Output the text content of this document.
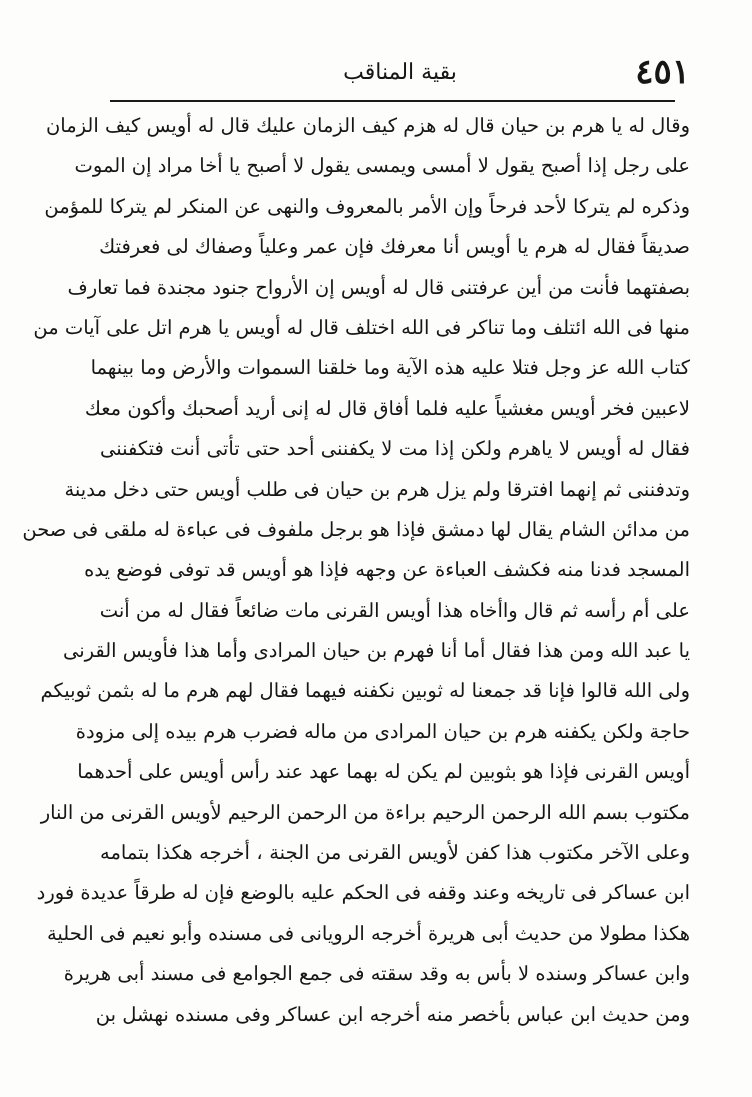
٤٥١
بقية المناقب
وقال له يا هرم بن حيان قال له هزم كيف الزمان عليك قال له أويس كيف الزمان
على رجل إذا أصبح يقول لا أمسى ويمسى يقول لا أصبح يا أخا مراد إن الموت
وذكره لم يتركا لأحد فرحاً وإن الأمر بالمعروف والنهى عن المنكر لم يتركا للمؤمن
صديقاً فقال له هرم يا أويس أنا معرفك فإن عمر وعلياً وصفاك لى فعرفتك
بصفتهما فأنت من أين عرفتنى قال له أويس إن الأرواح جنود مجندة فما تعارف
منها فى الله ائتلف وما تناكر فى الله اختلف قال له أويس يا هرم اتل على آيات من
كتاب الله عز وجل فتلا عليه هذه الآية وما خلقنا السموات والأرض وما بينهما
لاعبين فخر أويس مغشياً عليه فلما أفاق قال له إنى أريد أصحبك وأكون معك
فقال له أويس لا ياهرم ولكن إذا مت لا يكفننى أحد حتى تأتى أنت فتكفننى
وتدفننى ثم إنهما افترقا ولم يزل هرم بن حيان فى طلب أويس حتى دخل مدينة
من مدائن الشام يقال لها دمشق فإذا هو برجل ملفوف فى عباءة له ملقى فى صحن
المسجد فدنا منه فكشف العباءة عن وجهه فإذا هو أويس قد توفى فوضع يده
على أم رأسه ثم قال واأخاه هذا أويس القرنى مات ضائعاً فقال له من أنت
يا عبد الله ومن هذا فقال أما أنا فهرم بن حيان المرادى وأما هذا فأويس القرنى
ولى الله قالوا فإنا قد جمعنا له ثوبين نكفنه فيهما فقال لهم هرم ما له بثمن ثوبيكم
حاجة ولكن يكفنه هرم بن حيان المرادى من ماله فضرب هرم بيده إلى مزودة
أويس القرنى فإذا هو بثوبين لم يكن له بهما عهد عند رأس أويس على أحدهما
مكتوب بسم الله الرحمن الرحيم براءة من الرحمن الرحيم لأويس القرنى من النار
وعلى الآخر مكتوب هذا كفن لأويس القرنى من الجنة ، أخرجه هكذا بتمامه
ابن عساكر فى تاريخه وعند وقفه فى الحكم عليه بالوضع فإن له طرقاً عديدة فورد
هكذا مطولا من حديث أبى هريرة أخرجه الرويانى فى مسنده وأبو نعيم فى الحلية
وابن عساكر وسنده لا بأس به وقد سقته فى جمع الجوامع فى مسند أبى هريرة
ومن حديث ابن عباس بأخصر منه أخرجه ابن عساكر وفى مسنده نهشل بن
